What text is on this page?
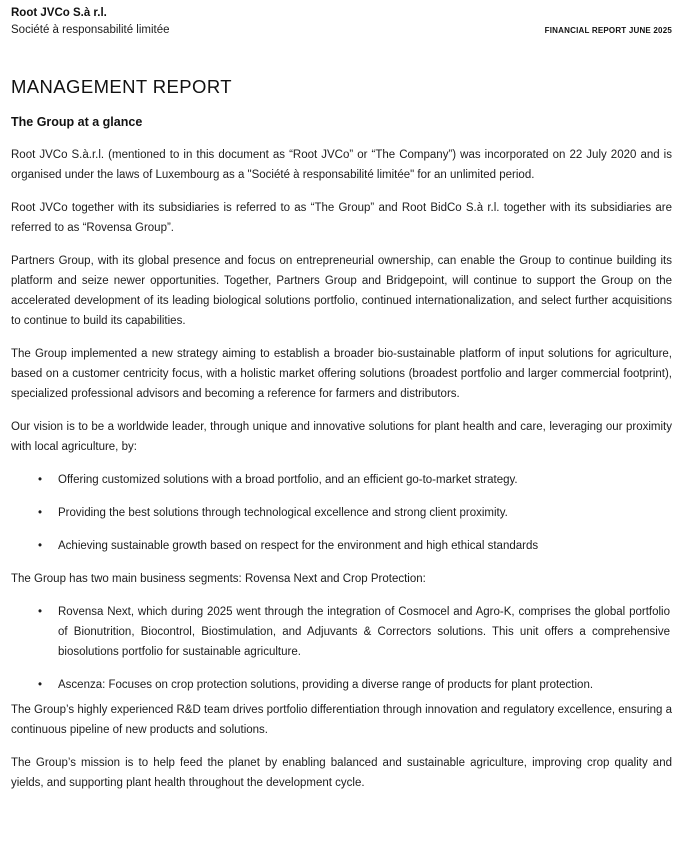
Root JVCo S.à r.l.
Société à responsabilité limitée	FINANCIAL REPORT JUNE 2025
MANAGEMENT REPORT
The Group at a glance

Root JVCo S.à.r.l. (mentioned to in this document as “Root JVCo” or “The Company”) was incorporated on 22 July 2020 and is organised under the laws of Luxembourg as a "Société à responsabilité limitée" for an unlimited period.

Root JVCo together with its subsidiaries is referred to as “The Group” and Root BidCo S.à r.l. together with its subsidiaries are referred to as “Rovensa Group”.

Partners Group, with its global presence and focus on entrepreneurial ownership, can enable the Group to continue building its platform and seize newer opportunities. Together, Partners Group and Bridgepoint, will continue to support the Group on the accelerated development of its leading biological solutions portfolio, continued internationalization, and select further acquisitions to continue to build its capabilities.

The Group implemented a new strategy aiming to establish a broader bio-sustainable platform of input solutions for agriculture, based on a customer centricity focus, with a holistic market offering solutions (broadest portfolio and larger commercial footprint), specialized professional advisors and becoming a reference for farmers and distributors.

Our vision is to be a worldwide leader, through unique and innovative solutions for plant health and care, leveraging our proximity with local agriculture, by:

•	Offering customized solutions with a broad portfolio, and an efficient go-to-market strategy.
•	Providing the best solutions through technological excellence and strong client proximity.
•	Achieving sustainable growth based on respect for the environment and high ethical standards

The Group has two main business segments: Rovensa Next and Crop Protection:

•	Rovensa Next, which during 2025 went through the integration of Cosmocel and Agro-K, comprises the global portfolio of Bionutrition, Biocontrol, Biostimulation, and Adjuvants & Correctors solutions. This unit offers a comprehensive biosolutions portfolio for sustainable agriculture.
•	Ascenza: Focuses on crop protection solutions, providing a diverse range of products for plant protection.

The Group’s highly experienced R&D team drives portfolio differentiation through innovation and regulatory excellence, ensuring a continuous pipeline of new products and solutions.

The Group’s mission is to help feed the planet by enabling balanced and sustainable agriculture, improving crop quality and yields, and supporting plant health throughout the development cycle.
